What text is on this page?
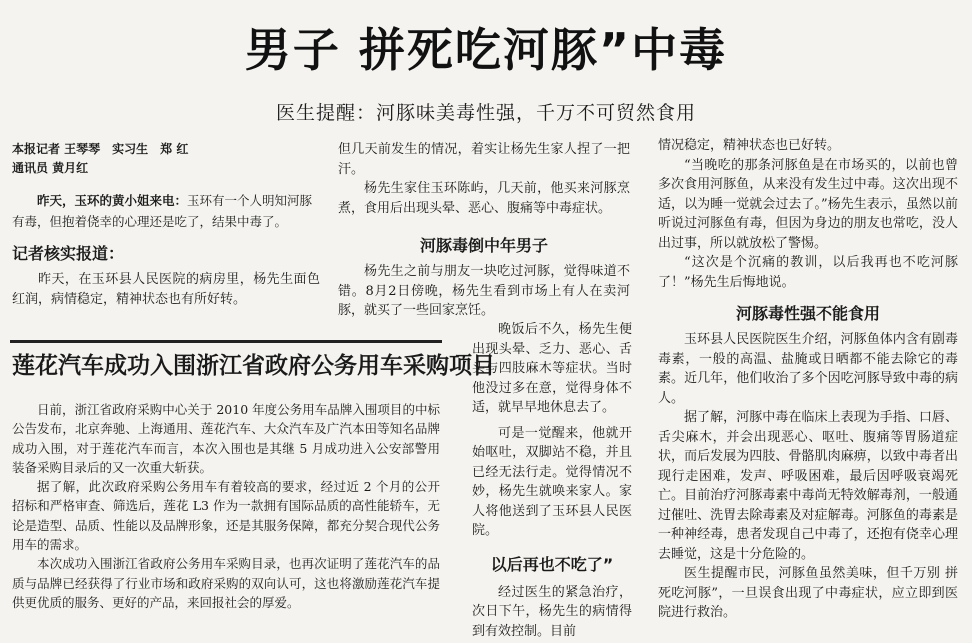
男子 拼死吃河豚”中毒
医生提醒：河豚味美毒性强，千万不可贸然食用
本报记者 王琴琴　实习生　郑 红
通讯员 黄月红
昨天，玉环的黄小姐来电：玉环有一个人明知河豚有毒，但抱着侥幸的心理还是吃了，结果中毒了。
记者核实报道：

昨天，在玉环县人民医院的病房里，杨先生面色红润，病情稳定，精神状态也有所好转。

但几天前发生的情况，着实让杨先生家人捏了一把汗。

杨先生家住玉环陈屿，几天前，他买来河豚烹煮，食用后出现头晕、恶心、腹痛等中毒症状。

河豚毒倒中年男子

杨先生之前与朋友一块吃过河豚，觉得味道不错。8月2日傍晚，杨先生看到市场上有人在卖河豚，就买了一些回家烹饪。

晚饭后不久，杨先生便出现头晕、乏力、恶心、舌头与四肢麻木等症状。当时他没过多在意，觉得身体不适，就早早地休息去了。

可是一觉醒来，他就开始呕吐，双脚站不稳，并且已经无法行走。觉得情况不妙，杨先生就唤来家人。家人将他送到了玉环县人民医院。

以后再也不吃了”

经过医生的紧急治疗，次日下午，杨先生的病情得到有效控制。目前

情况稳定，精神状态也已好转。

“当晚吃的那条河豚鱼是在市场买的，以前也曾多次食用河豚鱼，从来没有发生过中毒。这次出现不适，以为睡一觉就会过去了。”杨先生表示，虽然以前听说过河豚鱼有毒，但因为身边的朋友也常吃，没人出过事，所以就放松了警惕。

“这次是个沉痛的教训，以后我再也不吃河豚了！”杨先生后悔地说。

河豚毒性强不能食用

玉环县人民医院医生介绍，河豚鱼体内含有剧毒毒素，一般的高温、盐腌或日晒都不能去除它的毒素。近几年，他们收治了多个因吃河豚导致中毒的病人。

据了解，河豚中毒在临床上表现为手指、口唇、舌尖麻木，并会出现恶心、呕吐、腹痛等胃肠道症状，而后发展为四肢、骨骼肌肉麻痹，以致中毒者出现行走困难，发声、呼吸困难，最后因呼吸衰竭死亡。目前治疗河豚毒素中毒尚无特效解毒剂，一般通过催吐、洗胃去除毒素及对症解毒。河豚鱼的毒素是一种神经毒，患者发现自己中毒了，还抱有侥幸心理去睡觉，这是十分危险的。

医生提醒市民，河豚鱼虽然美味，但千万别 拼死吃河豚”，一旦误食出现了中毒症状，应立即到医院进行救治。

莲花汽车成功入围浙江省政府公务用车采购项目

日前，浙江省政府采购中心关于 2010 年度公务用车品牌入围项目的中标公告发布，北京奔驰、上海通用、莲花汽车、大众汽车及广汽本田等知名品牌成功入围，对于莲花汽车而言，本次入围也是其继 5 月成功进入公安部警用装备采购目录后的又一次重大斩获。

据了解，此次政府采购公务用车有着较高的要求，经过近 2 个月的公开招标和严格审查、筛选后，莲花 L3 作为一款拥有国际品质的高性能轿车，无论是造型、品质、性能以及品牌形象，还是其服务保障，都充分契合现代公务用车的需求。

本次成功入围浙江省政府公务用车采购目录，也再次证明了莲花汽车的品质与品牌已经获得了行业市场和政府采购的双向认可，这也将激励莲花汽车提供更优质的服务、更好的产品，来回报社会的厚爱。
